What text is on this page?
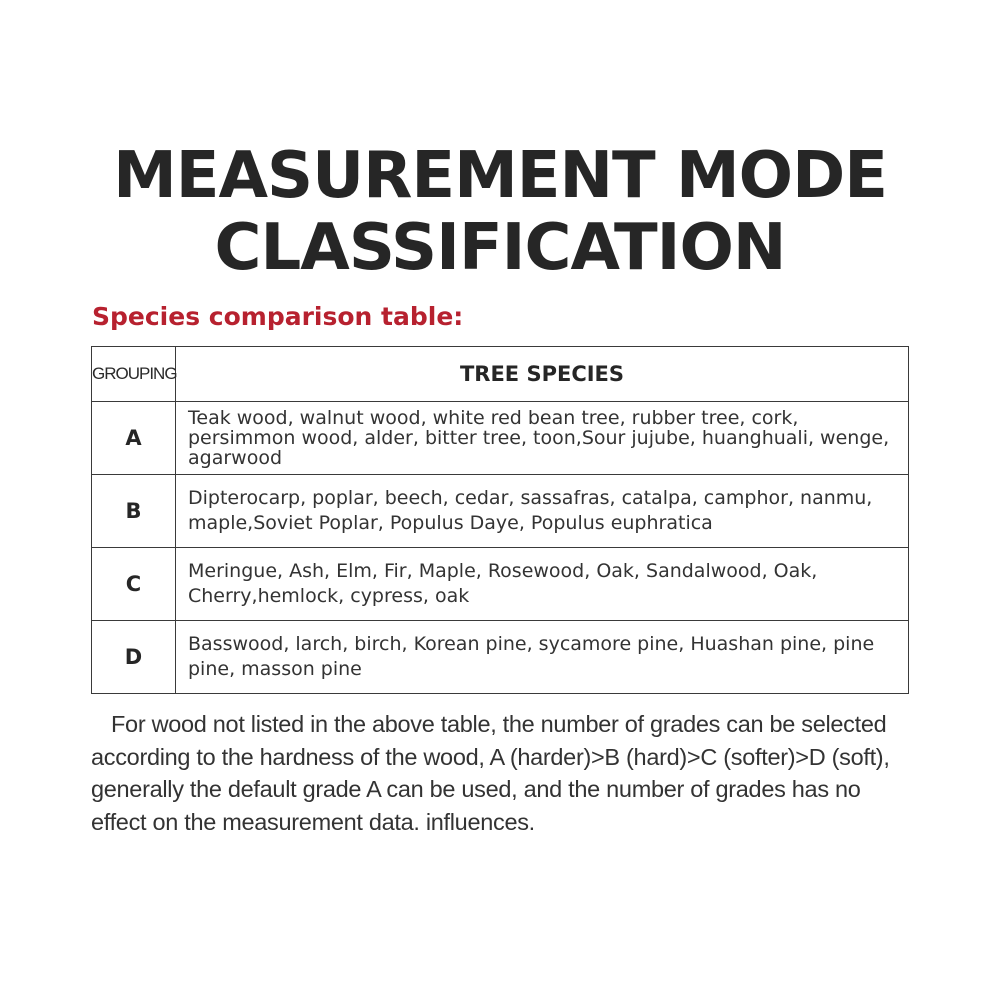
MEASUREMENT MODE
CLASSIFICATION
Species comparison table:
GROUPING	TREE SPECIES
A	Teak wood, walnut wood, white red bean tree, rubber tree, cork, persimmon wood, alder, bitter tree, toon,Sour jujube, huanghuali, wenge, agarwood
B	Dipterocarp, poplar, beech, cedar, sassafras, catalpa, camphor, nanmu, maple,Soviet Poplar, Populus Daye, Populus euphratica
C	Meringue, Ash, Elm, Fir, Maple, Rosewood, Oak, Sandalwood, Oak, Cherry,hemlock, cypress, oak
D	Basswood, larch, birch, Korean pine, sycamore pine, Huashan pine, pine pine, masson pine
For wood not listed in the above table, the number of grades can be selected according to the hardness of the wood, A (harder)>B (hard)>C (softer)>D (soft), generally the default grade A can be used, and the number of grades has no effect on the measurement data. influences.
